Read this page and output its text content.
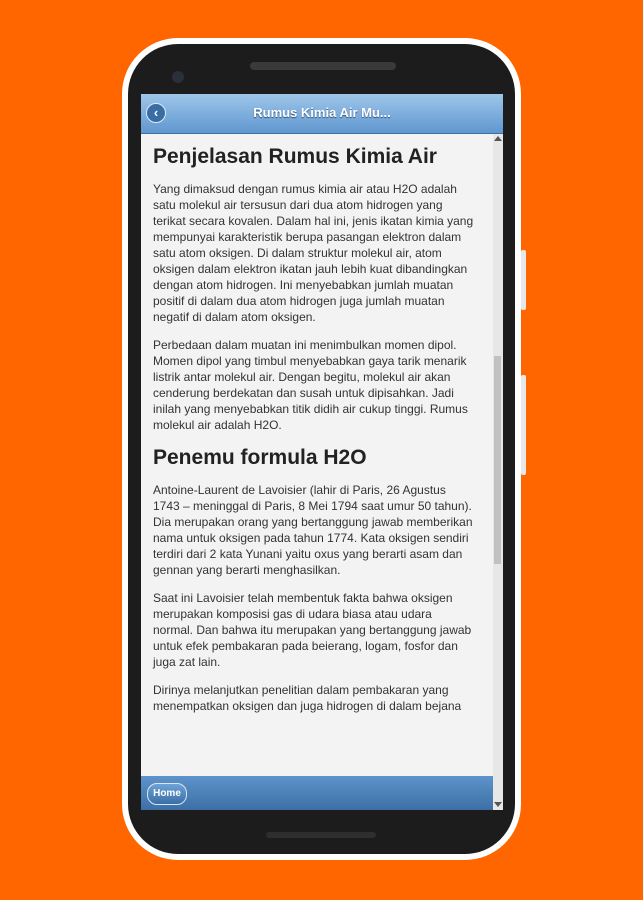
‹	Rumus Kimia Air Mu...
Penjelasan Rumus Kimia Air

Yang dimaksud dengan rumus kimia air atau H2O adalah satu molekul air tersusun dari dua atom hidrogen yang terikat secara kovalen. Dalam hal ini, jenis ikatan kimia yang mempunyai karakteristik berupa pasangan elektron dalam satu atom oksigen. Di dalam struktur molekul air, atom oksigen dalam elektron ikatan jauh lebih kuat dibandingkan dengan atom hidrogen. Ini menyebabkan jumlah muatan positif di dalam dua atom hidrogen juga jumlah muatan negatif di dalam atom oksigen.

Perbedaan dalam muatan ini menimbulkan momen dipol. Momen dipol yang timbul menyebabkan gaya tarik menarik listrik antar molekul air. Dengan begitu, molekul air akan cenderung berdekatan dan susah untuk dipisahkan. Jadi inilah yang menyebabkan titik didih air cukup tinggi. Rumus molekul air adalah H2O.

Penemu formula H2O

Antoine-Laurent de Lavoisier (lahir di Paris, 26 Agustus 1743 – meninggal di Paris, 8 Mei 1794 saat umur 50 tahun). Dia merupakan orang yang bertanggung jawab memberikan nama untuk oksigen pada tahun 1774. Kata oksigen sendiri terdiri dari 2 kata Yunani yaitu oxus yang berarti asam dan gennan yang berarti menghasilkan.

Saat ini Lavoisier telah membentuk fakta bahwa oksigen merupakan komposisi gas di udara biasa atau udara normal. Dan bahwa itu merupakan yang bertanggung jawab untuk efek pembakaran pada beierang, logam, fosfor dan juga zat lain.

Dirinya melanjutkan penelitian dalam pembakaran yang menempatkan oksigen dan juga hidrogen di dalam bejana

Home
